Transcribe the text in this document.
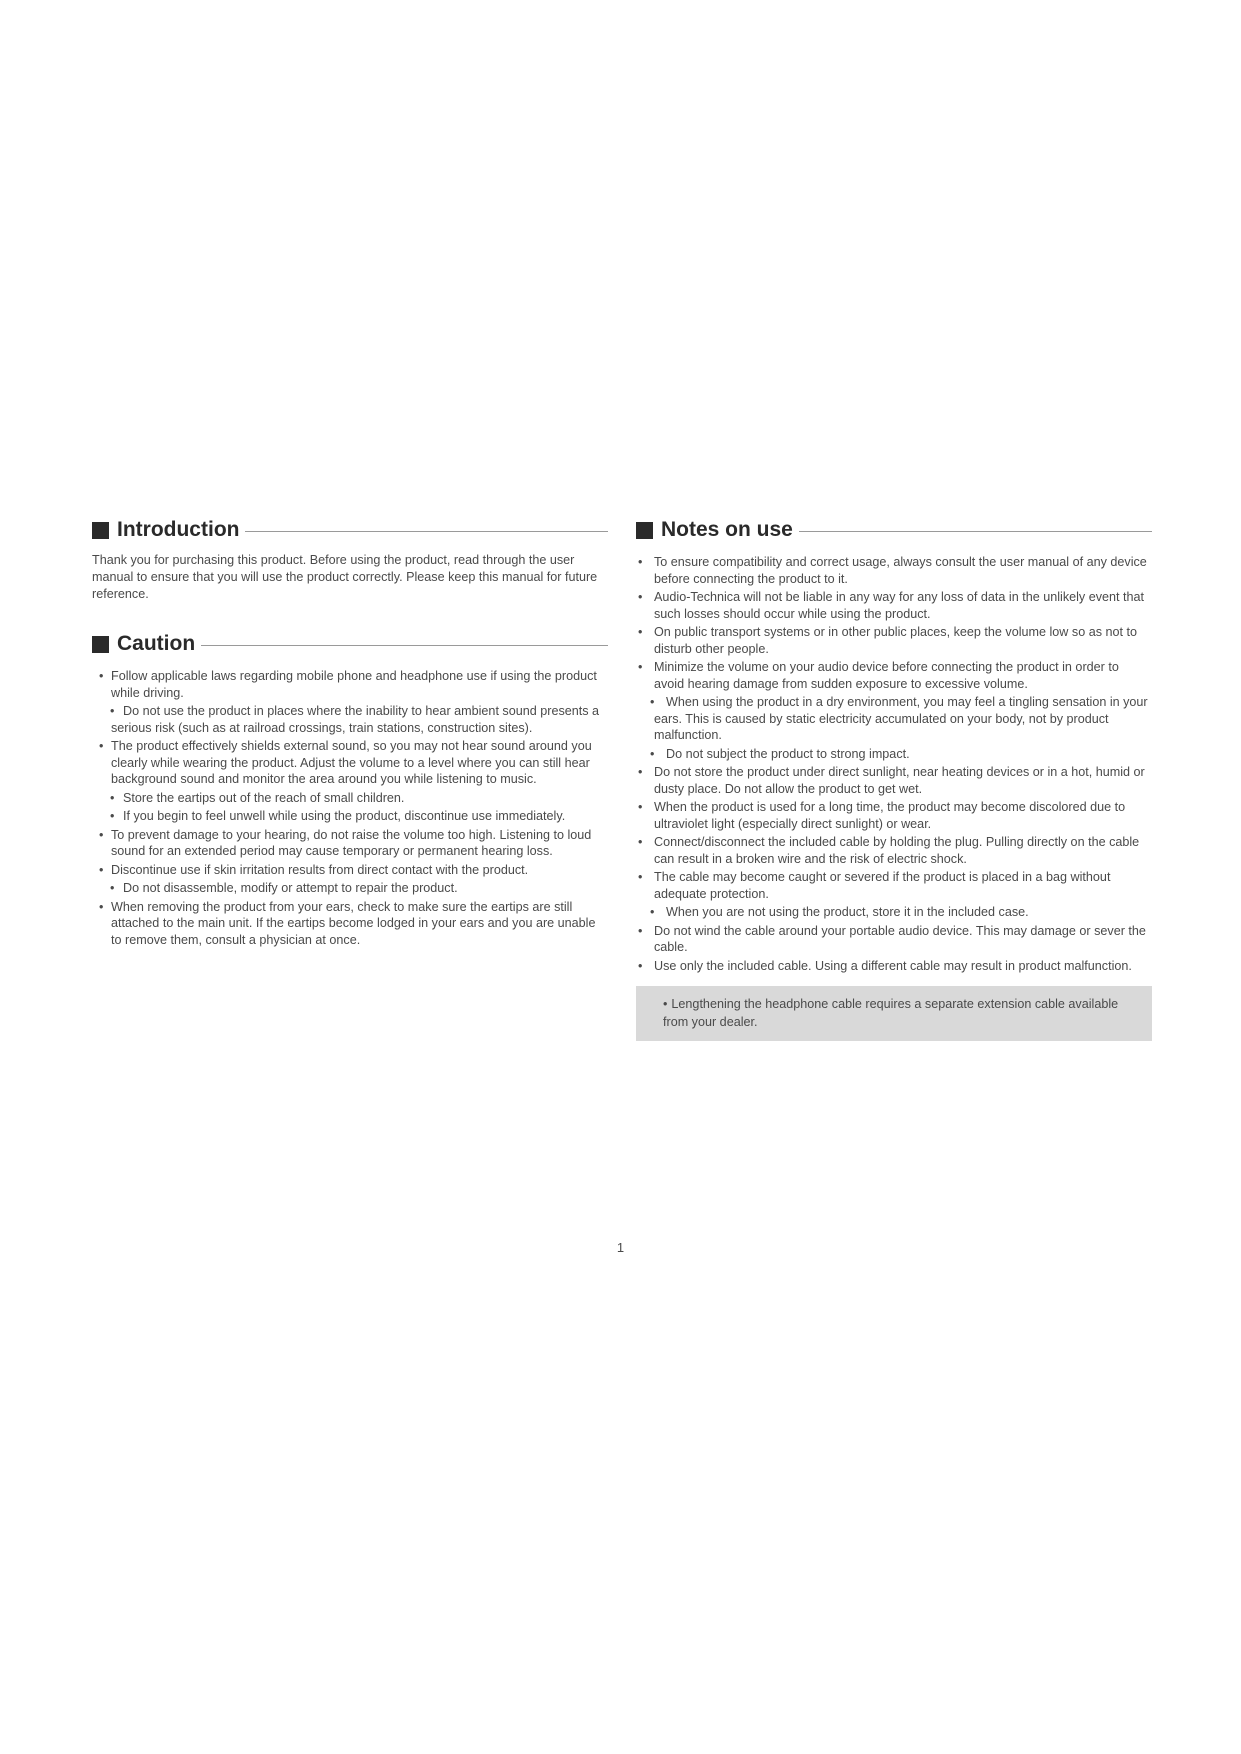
Introduction

Thank you for purchasing this product. Before using the product, read through the user manual to ensure that you will use the product correctly. Please keep this manual for future reference.

Caution
• Follow applicable laws regarding mobile phone and headphone use if using the product while driving.
• Do not use the product in places where the inability to hear ambient sound presents a serious risk (such as at railroad crossings, train stations, construction sites).
• The product effectively shields external sound, so you may not hear sound around you clearly while wearing the product. Adjust the volume to a level where you can still hear background sound and monitor the area around you while listening to music.
• Store the eartips out of the reach of small children.
• If you begin to feel unwell while using the product, discontinue use immediately.
• To prevent damage to your hearing, do not raise the volume too high. Listening to loud sound for an extended period may cause temporary or permanent hearing loss.
• Discontinue use if skin irritation results from direct contact with the product.
• Do not disassemble, modify or attempt to repair the product.
• When removing the product from your ears, check to make sure the eartips are still attached to the main unit. If the eartips become lodged in your ears and you are unable to remove them, consult a physician at once.
Notes on use
• To ensure compatibility and correct usage, always consult the user manual of any device before connecting the product to it.
• Audio-Technica will not be liable in any way for any loss of data in the unlikely event that such losses should occur while using the product.
• On public transport systems or in other public places, keep the volume low so as not to disturb other people.
• Minimize the volume on your audio device before connecting the product in order to avoid hearing damage from sudden exposure to excessive volume.
• When using the product in a dry environment, you may feel a tingling sensation in your ears. This is caused by static electricity accumulated on your body, not by product malfunction.
• Do not subject the product to strong impact.
• Do not store the product under direct sunlight, near heating devices or in a hot, humid or dusty place. Do not allow the product to get wet.
• When the product is used for a long time, the product may become discolored due to ultraviolet light (especially direct sunlight) or wear.
• Connect/disconnect the included cable by holding the plug. Pulling directly on the cable can result in a broken wire and the risk of electric shock.
• The cable may become caught or severed if the product is placed in a bag without adequate protection.
• When you are not using the product, store it in the included case.
• Do not wind the cable around your portable audio device. This may damage or sever the cable.
• Use only the included cable. Using a different cable may result in product malfunction.
• Lengthening the headphone cable requires a separate extension cable available from your dealer.
1
